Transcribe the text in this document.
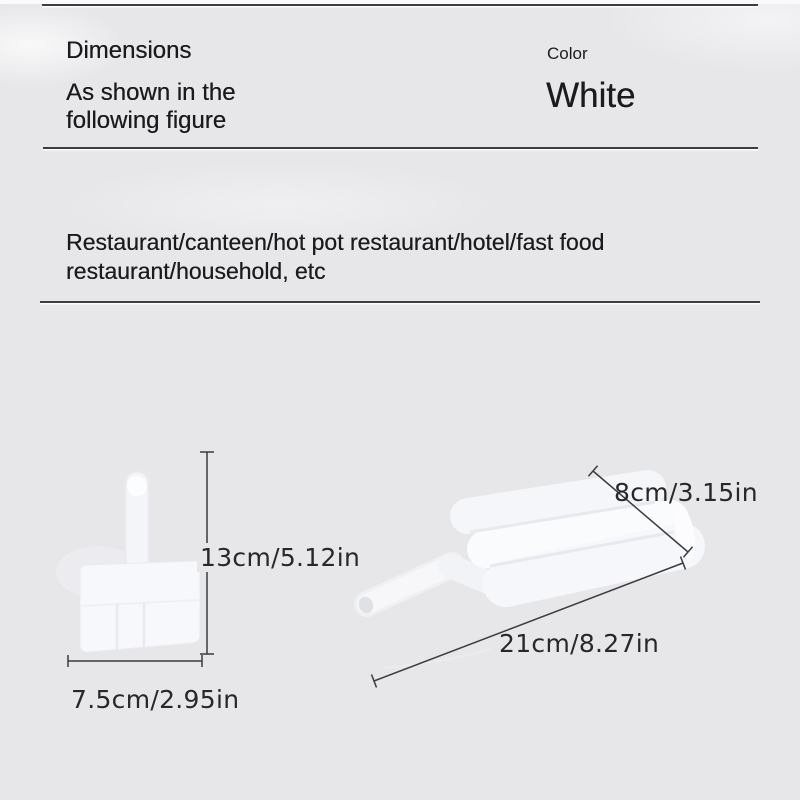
Dimensions	Color
As shown in the
following figure
White
Restaurant/canteen/hot pot restaurant/hotel/fast food
restaurant/household, etc
13cm/5.12in
7.5cm/2.95in
8cm/3.15in
21cm/8.27in
